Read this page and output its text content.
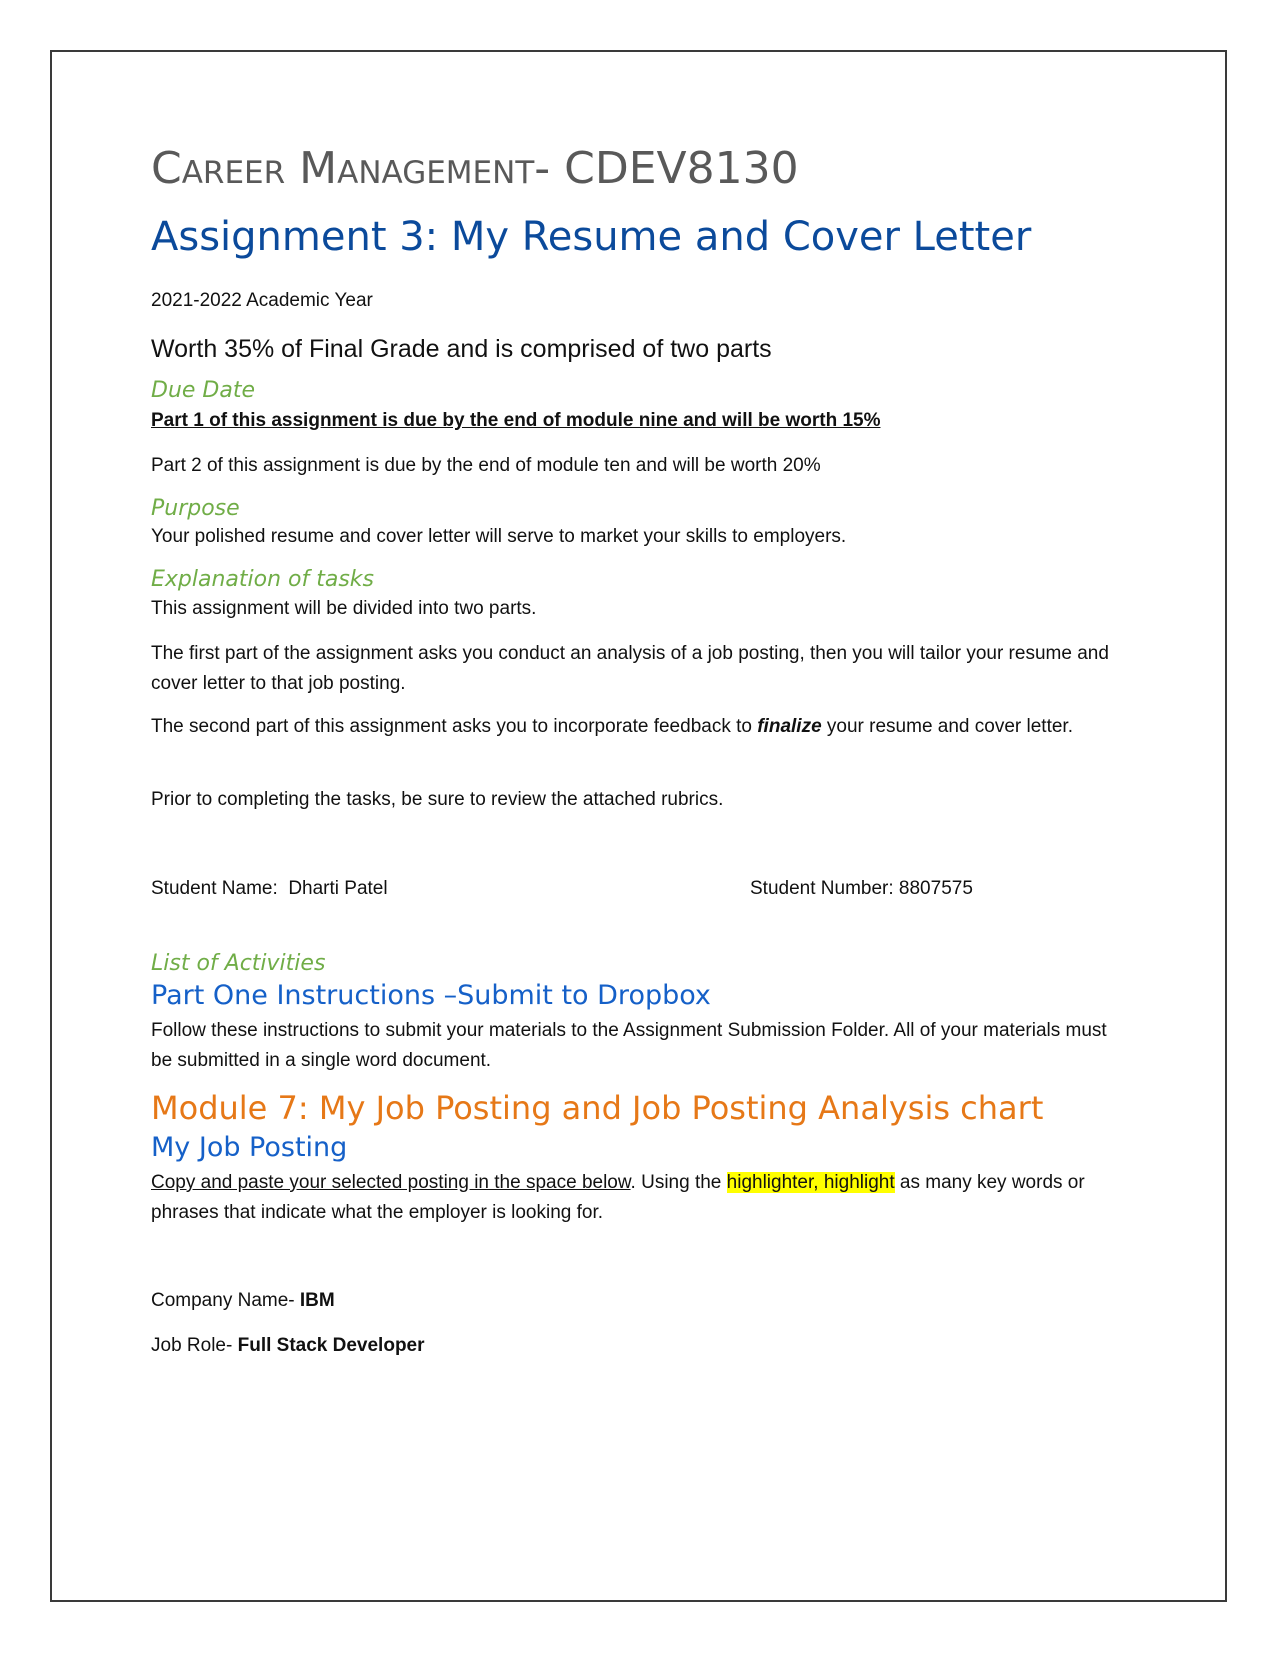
Career Management- CDEV8130
Assignment 3: My Resume and Cover Letter
2021-2022 Academic Year
Worth 35% of Final Grade and is comprised of two parts
Due Date
Part 1 of this assignment is due by the end of module nine and will be worth 15%
Part 2 of this assignment is due by the end of module ten and will be worth 20%
Purpose
Your polished resume and cover letter will serve to market your skills to employers.
Explanation of tasks
This assignment will be divided into two parts.
The first part of the assignment asks you conduct an analysis of a job posting, then you will tailor your resume and cover letter to that job posting.
The second part of this assignment asks you to incorporate feedback to finalize your resume and cover letter.
Prior to completing the tasks, be sure to review the attached rubrics.
Student Name: Dharti Patel	Student Number: 8807575
List of Activities
Part One Instructions –Submit to Dropbox
Follow these instructions to submit your materials to the Assignment Submission Folder. All of your materials must be submitted in a single word document.
Module 7: My Job Posting and Job Posting Analysis chart
My Job Posting
Copy and paste your selected posting in the space below. Using the highlighter, highlight as many key words or phrases that indicate what the employer is looking for.
Company Name- IBM
Job Role- Full Stack Developer
